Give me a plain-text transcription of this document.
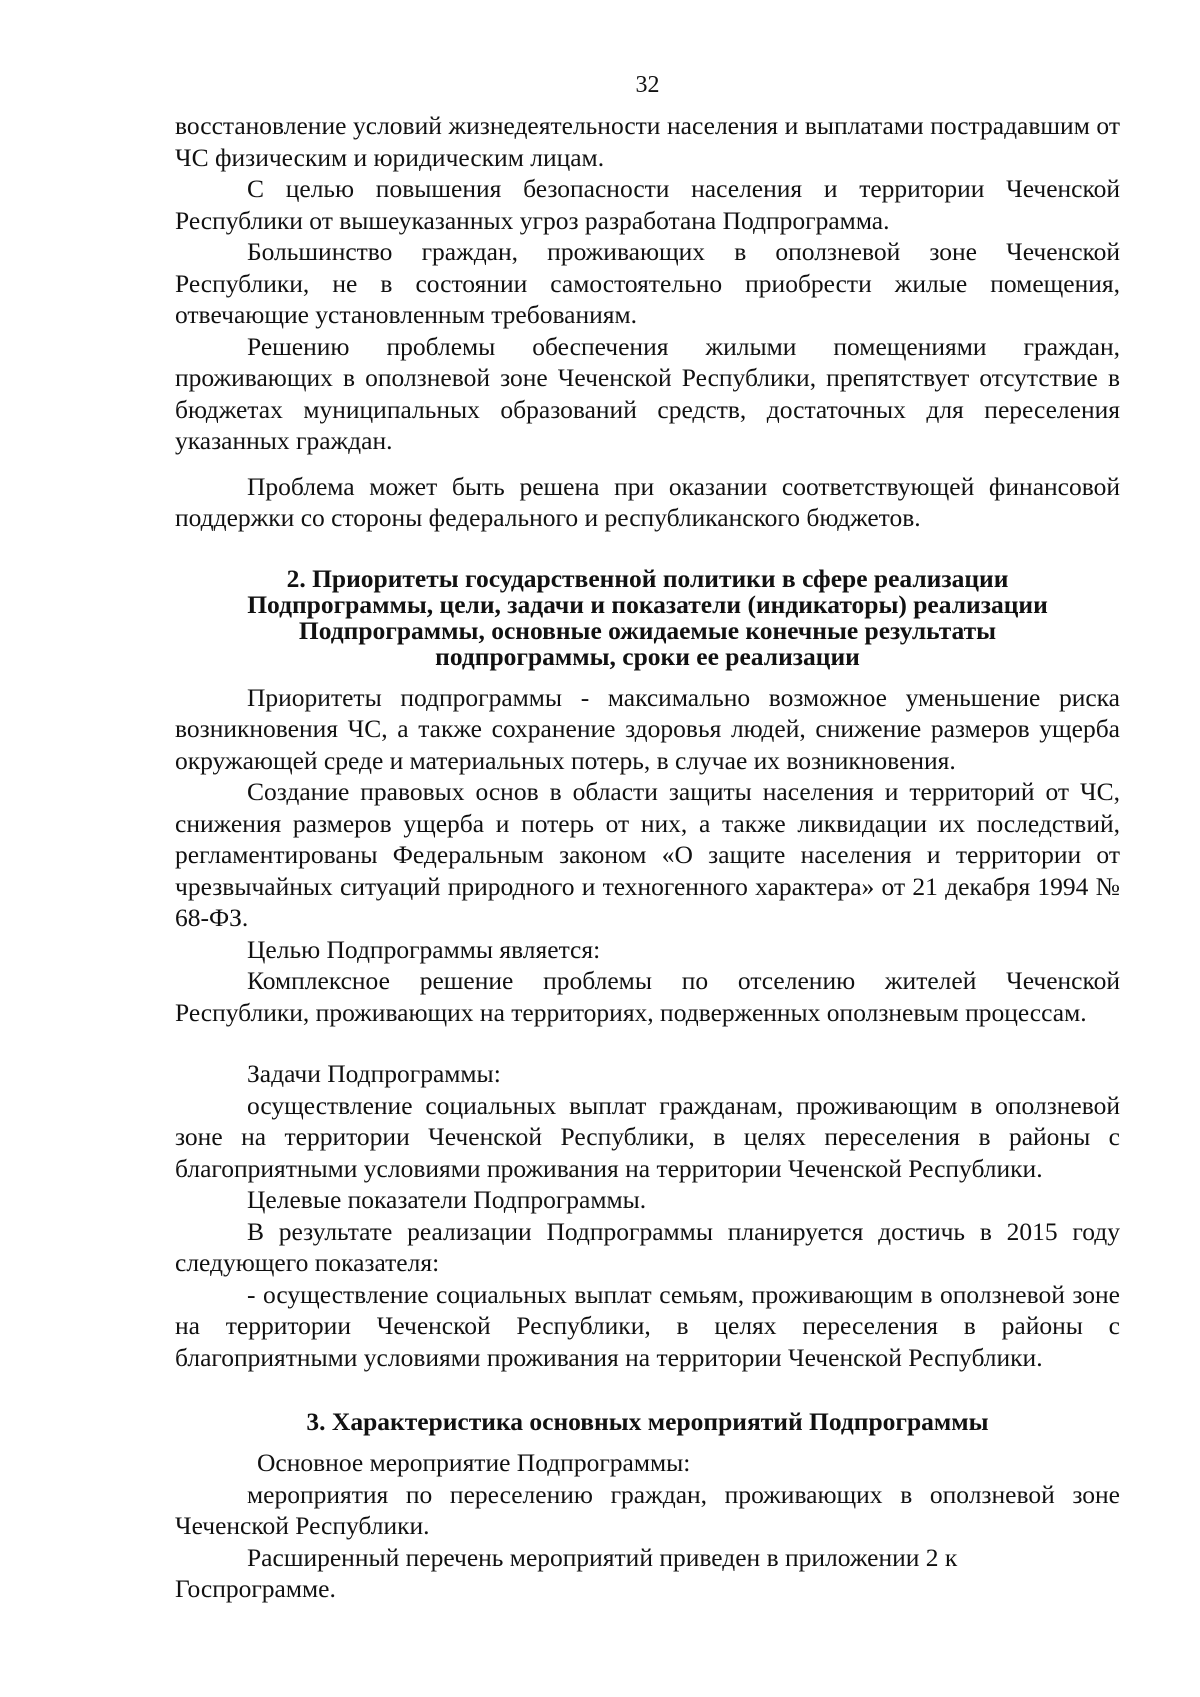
32

восстановление условий жизнедеятельности населения и выплатами пострадавшим от ЧС физическим и юридическим лицам.

С целью повышения безопасности населения и территории Чеченской Республики от вышеуказанных угроз разработана Подпрограмма.

Большинство граждан, проживающих в оползневой зоне Чеченской Республики, не в состоянии самостоятельно приобрести жилые помещения, отвечающие установленным требованиям.

Решению проблемы обеспечения жилыми помещениями граждан, проживающих в оползневой зоне Чеченской Республики, препятствует отсутствие в бюджетах муниципальных образований средств, достаточных для переселения указанных граждан.

Проблема может быть решена при оказании соответствующей финансовой поддержки со стороны федерального и республиканского бюджетов.

2. Приоритеты государственной политики в сфере реализации
Подпрограммы, цели, задачи и показатели (индикаторы) реализации
Подпрограммы, основные ожидаемые конечные результаты
подпрограммы, сроки ее реализации

Приоритеты подпрограммы - максимально возможное уменьшение риска возникновения ЧС, а также сохранение здоровья людей, снижение размеров ущерба окружающей среде и материальных потерь, в случае их возникновения.

Создание правовых основ в области защиты населения и территорий от ЧС, снижения размеров ущерба и потерь от них, а также ликвидации их последствий, регламентированы Федеральным законом «О защите населения и территории от чрезвычайных ситуаций природного и техногенного характера» от 21 декабря 1994 № 68-ФЗ.

Целью Подпрограммы является:

Комплексное решение проблемы по отселению жителей Чеченской Республики, проживающих на территориях, подверженных оползневым процессам.

Задачи Подпрограммы:

осуществление социальных выплат гражданам, проживающим в оползневой зоне на территории Чеченской Республики, в целях переселения в районы с благоприятными условиями проживания на территории Чеченской Республики.

Целевые показатели Подпрограммы.

В результате реализации Подпрограммы планируется достичь в 2015 году следующего показателя:

- осуществление социальных выплат семьям, проживающим в оползневой зоне на территории Чеченской Республики, в целях переселения в районы с благоприятными условиями проживания на территории Чеченской Республики.

3. Характеристика основных мероприятий Подпрограммы

Основное мероприятие Подпрограммы:

мероприятия по переселению граждан, проживающих в оползневой зоне Чеченской Республики.

Расширенный перечень мероприятий приведен в приложении 2 к Госпрограмме.
